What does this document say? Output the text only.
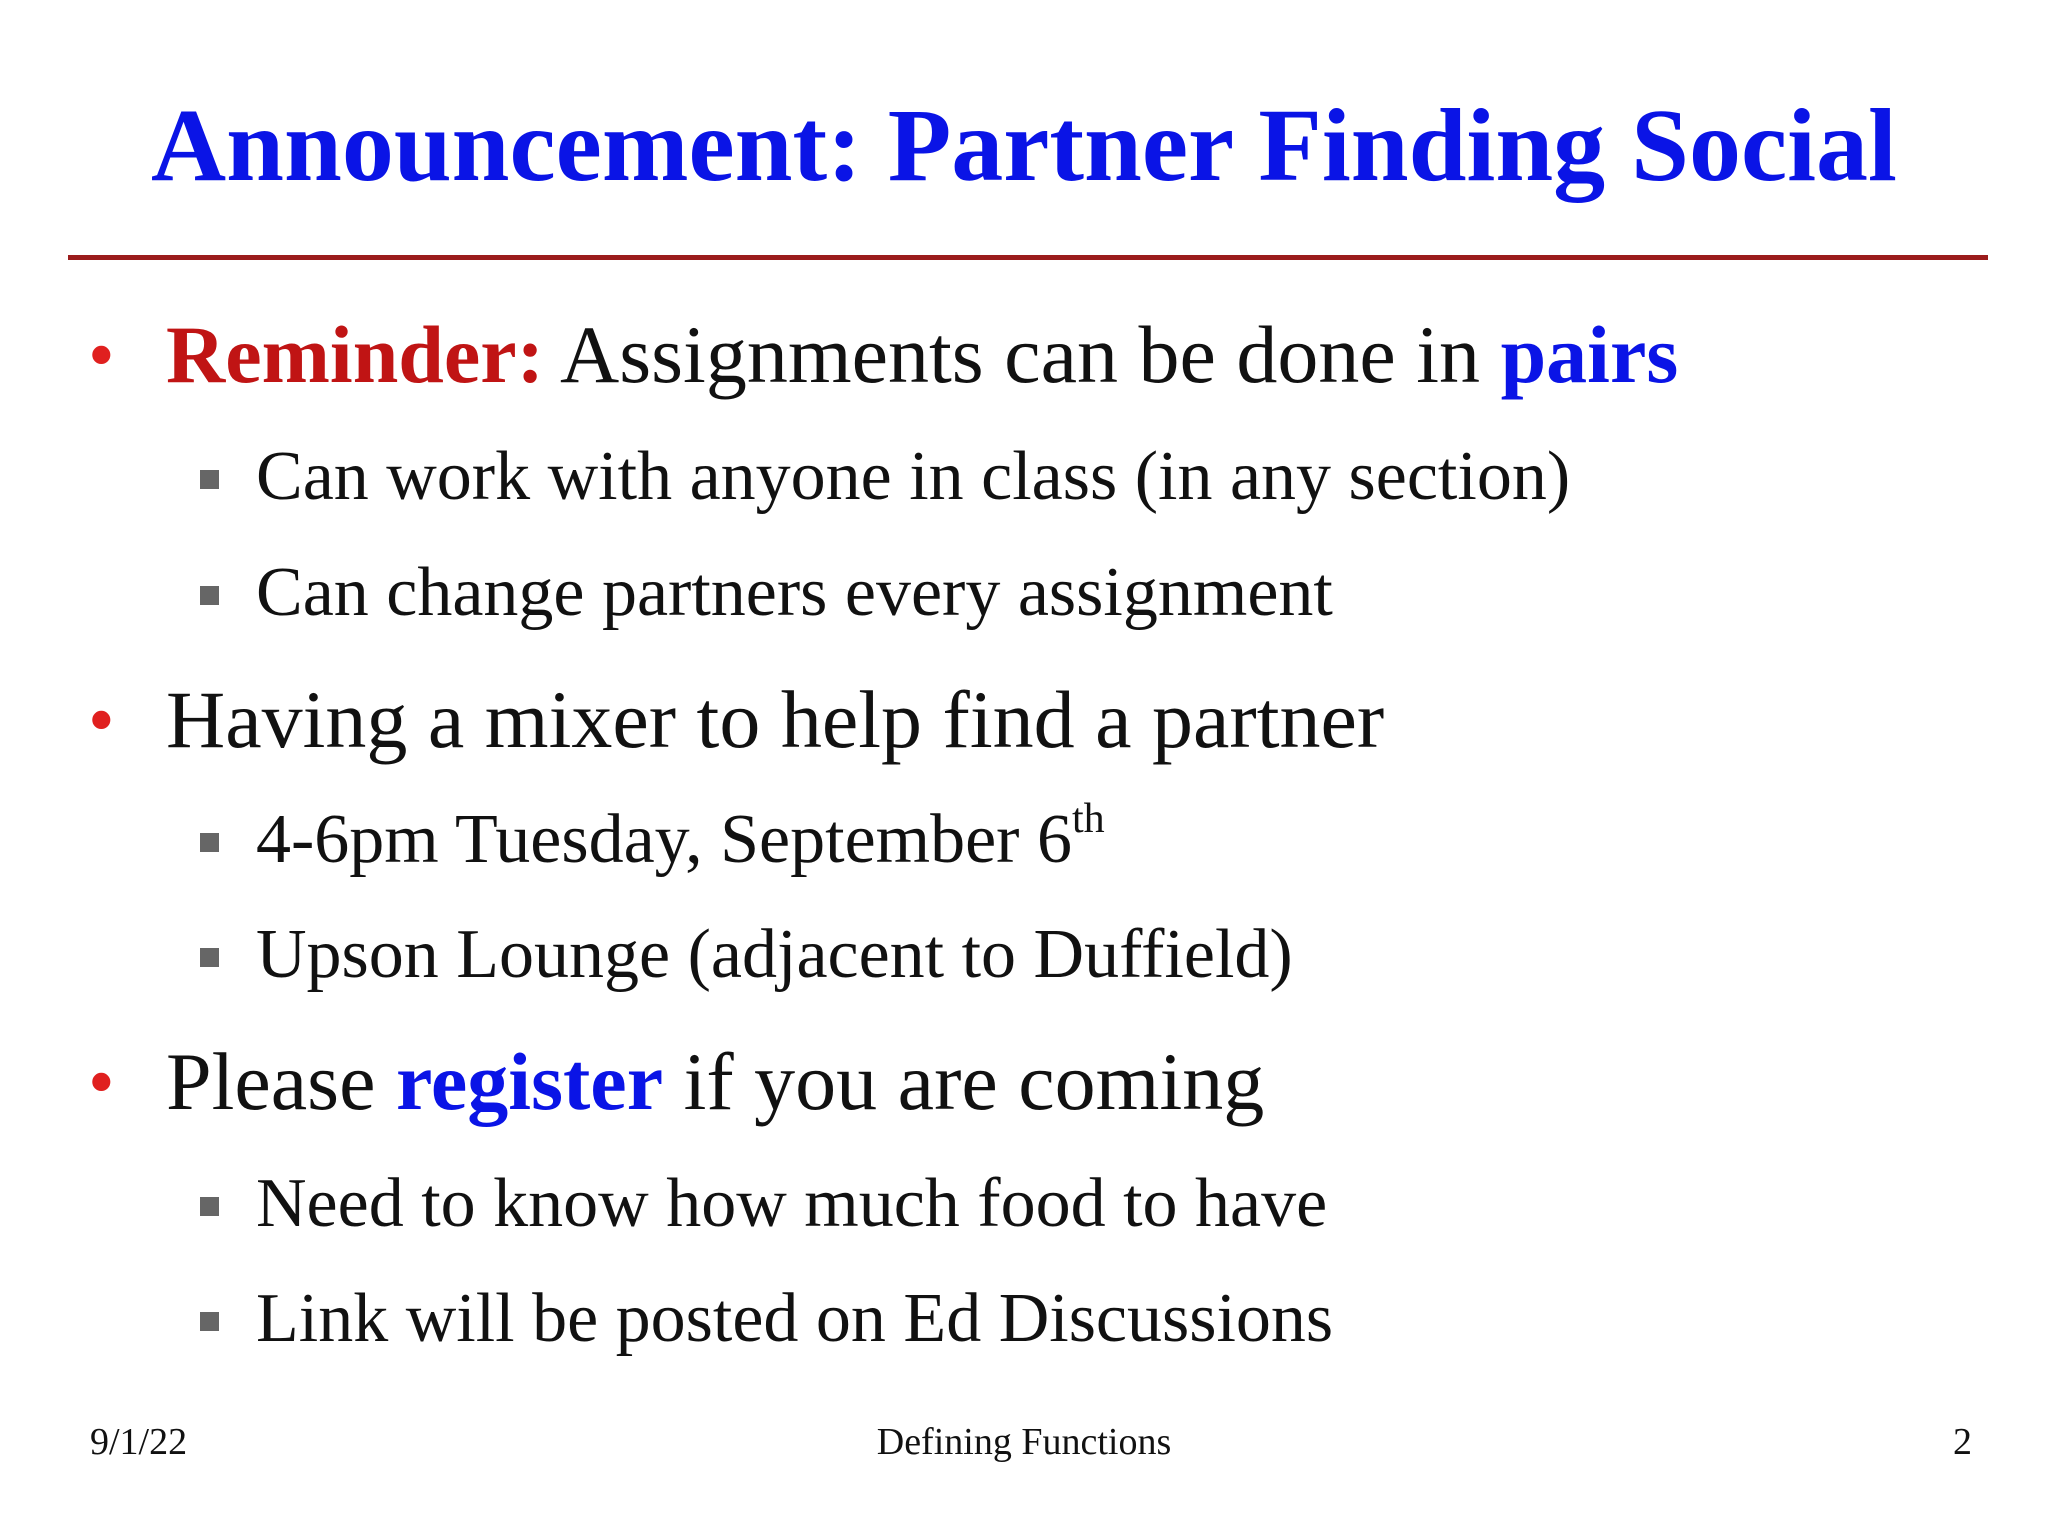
Announcement: Partner Finding Social
• Reminder: Assignments can be done in pairs
Can work with anyone in class (in any section)
Can change partners every assignment
• Having a mixer to help find a partner
4-6pm Tuesday, September 6th
Upson Lounge (adjacent to Duffield)
• Please register if you are coming
Need to know how much food to have
Link will be posted on Ed Discussions
9/1/22	Defining Functions	2
